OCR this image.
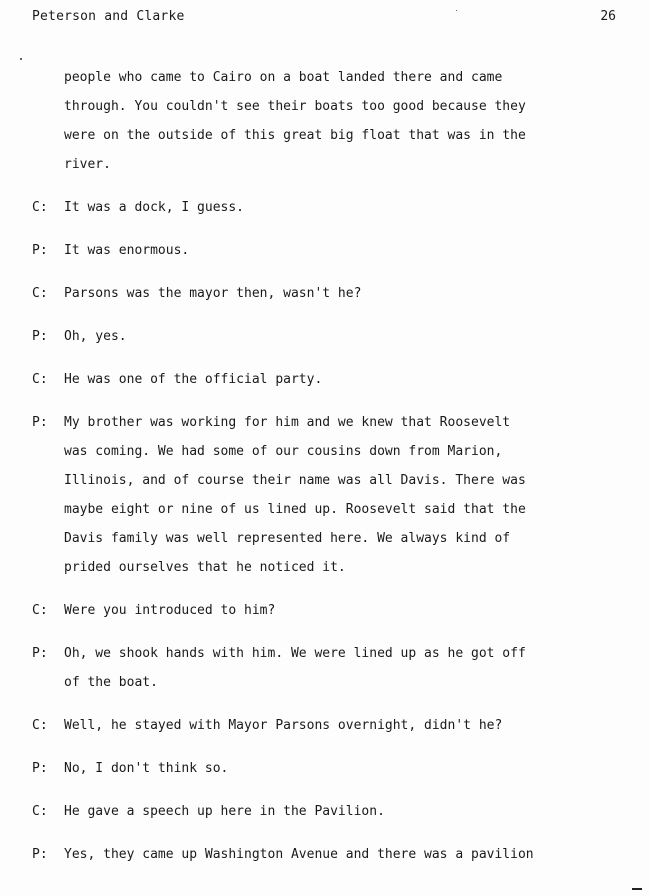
Peterson and Clarke	26
people who came to Cairo on a boat landed there and came
through. You couldn't see their boats too good because they
were on the outside of this great big float that was in the
river.
C:	It was a dock, I guess.
P:	It was enormous.
C:	Parsons was the mayor then, wasn't he?
P:	Oh, yes.
C:	He was one of the official party.
P:	My brother was working for him and we knew that Roosevelt
was coming. We had some of our cousins down from Marion,
Illinois, and of course their name was all Davis. There was
maybe eight or nine of us lined up. Roosevelt said that the
Davis family was well represented here. We always kind of
prided ourselves that he noticed it.
C:	Were you introduced to him?
P:	Oh, we shook hands with him. We were lined up as he got off
of the boat.
C:	Well, he stayed with Mayor Parsons overnight, didn't he?
P:	No, I don't think so.
C:	He gave a speech up here in the Pavilion.
P:	Yes, they came up Washington Avenue and there was a pavilion
